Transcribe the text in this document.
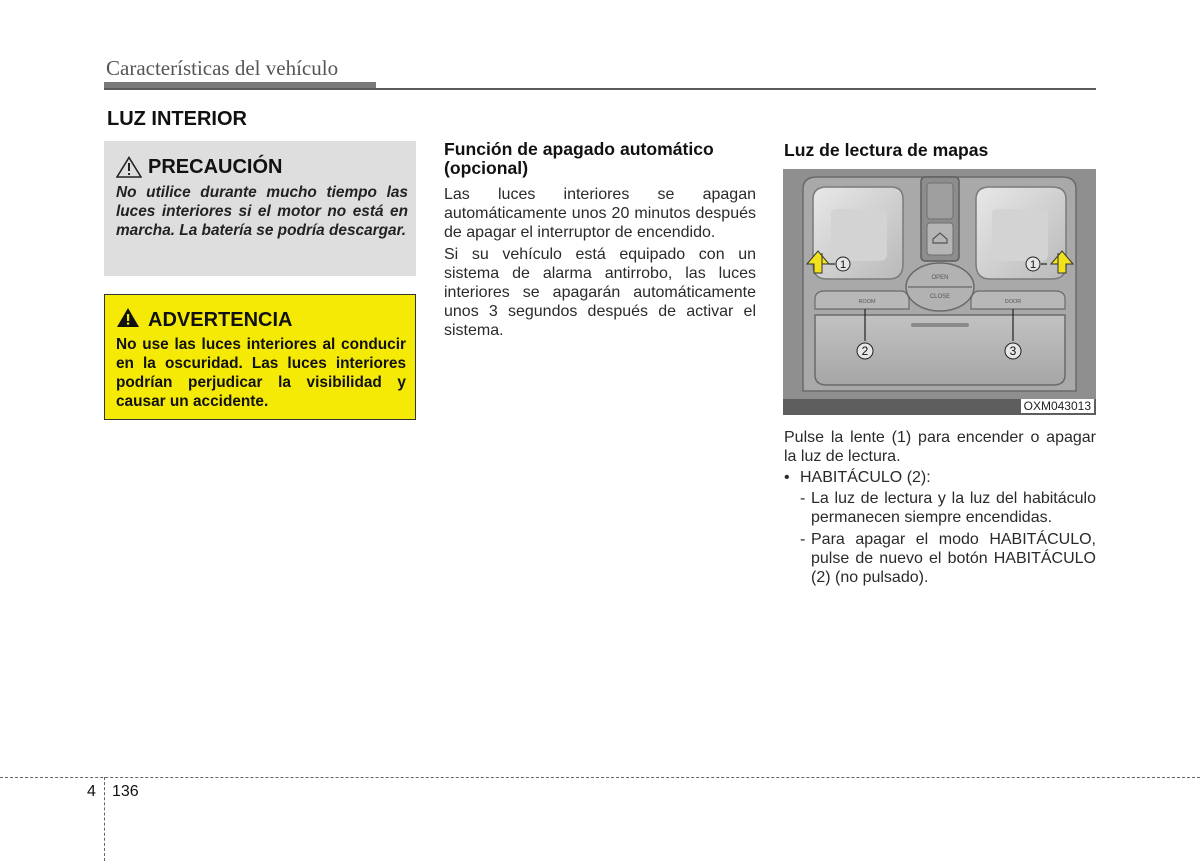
Características del vehículo
LUZ INTERIOR
PRECAUCIÓN
No utilice durante mucho tiempo las luces interiores si el motor no está en marcha. La batería se podría descargar.
ADVERTENCIA
No use las luces interiores al conducir en la oscuridad. Las luces interiores podrían perjudicar la visibilidad y causar un accidente.
Función de apagado automático (opcional)

Las luces interiores se apagan automáticamente unos 20 minutos después de apagar el interruptor de encendido.

Si su vehículo está equipado con un sistema de alarma antirrobo, las luces interiores se apagarán automáticamente unos 3 segundos después de activar el sistema.

Luz de lectura de mapas
OPEN
CLOSE
ROOM	DOOR
1	1
2	3
OXM043013

Pulse la lente (1) para encender o apagar la luz de lectura.

• HABITÁCULO (2):
- La luz de lectura y la luz del habitáculo permanecen siempre encendidas.
- Para apagar el modo HABITÁCULO, pulse de nuevo el botón HABITÁCULO (2) (no pulsado).
4 136
